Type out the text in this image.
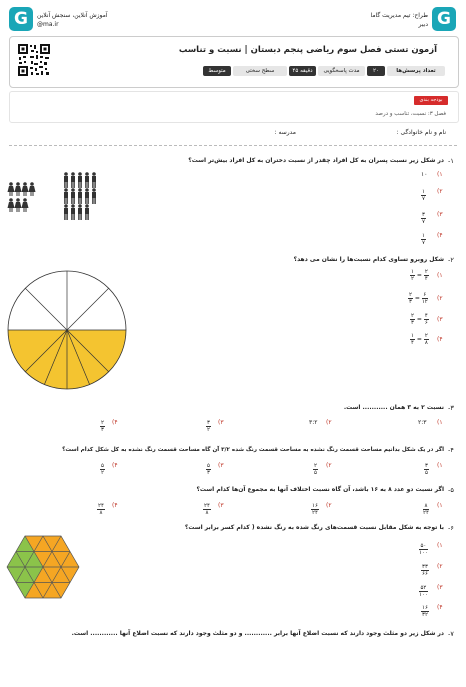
G	آموزش آنلاین، سنجش آنلاین
@ma.ir	G
طراح: تیم مدیریت گاما
دبیر
آزمون تستی فصل سوم ریاضی پنجم دبستان | نسبت و تناسب
تعداد پرسش‌ها
۲۰
مدت پاسخگویی
۴۵ دقیقه
سطح سختی
متوسط
بودجه بندی
فصل ۳: نسبت، تناسب و درصد
نام و نام خانوادگی :
مدرسه :
-۱
در شکل زیر نسبت پسران به کل افراد چقدر از نسبت دختران به کل افراد بیش‌تر است؟
(۱
۱۰
(۲
$\frac{۱}{۷}$
(۳
$\frac{۳}{۷}$
(۴
$\frac{۱}{۷}$
-۲
شکل روبرو تساوی کدام نسبت‌ها را نشان می دهد؟
(۱
$\frac{۱}{۲} = \frac{۲}{۴}$
(۲
$\frac{۲}{۳} = \frac{۶}{۱۲}$
(۳
$\frac{۲}{۳} = \frac{۴}{۶}$
(۴
$\frac{۱}{۴} = \frac{۲}{۸}$
-۳
نسبت ۲ به ۳ همان ........... است.
(۱
۲:۳
(۲
۳:۲
(۳
$\frac{۳}{۲}$
(۴
$\frac{۲}{۳}$
-۴
اگر در یک شکل بدانیم مساحت قسمت رنگ نشده به مساحت قسمت رنگ شده ۳/۲ آن گاه مساحت قسمت رنگ نشده به کل شکل کدام است؟
(۱
$\frac{۳}{۵}$
(۲
$\frac{۲}{۵}$
(۳
$\frac{۵}{۳}$
(۴
$\frac{۵}{۲}$
-۵
اگر نسبت دو عدد ۸ به ۱۶ باشد، آن گاه نسبت اختلاف آنها به مجموع آن‌ها کدام است؟
(۱
$\frac{۸}{۲۴}$
(۲
$\frac{۱۶}{۲۴}$
(۳
$\frac{۲۴}{۸}$
(۴
$\frac{۲۴}{۸}$
-۶
با توجه به شکل مقابل نسبت قسمت‌های رنگ شده به رنگ نشده ( کدام کسر برابر است؟
(۱
$\frac{۵۰}{۱۰۰}$
(۲
$\frac{۳۳}{۶۶}$
(۳
$\frac{۵۲}{۱۰۰}$
(۴
$\frac{۱۶}{۳۲}$
-۷
در شکل زیر دو مثلث وجود دارند که نسبت اضلاع آنها برابر ............ و دو مثلث وجود دارند که نسبت اضلاع آنها ............ است.
